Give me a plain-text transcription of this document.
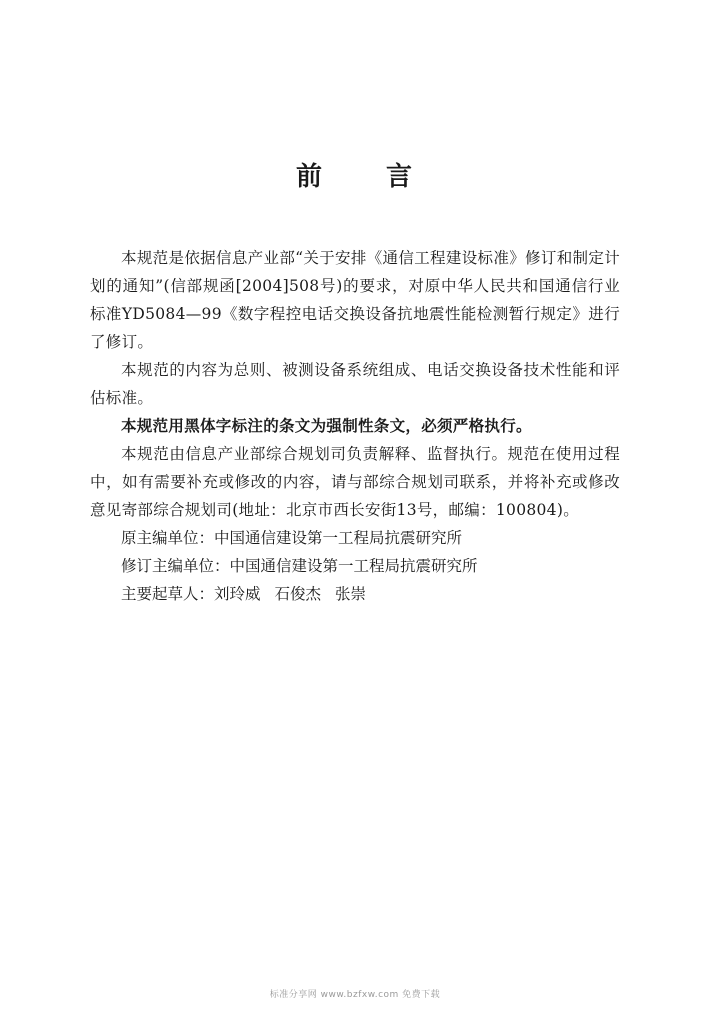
前 言

本规范是依据信息产业部“关于安排《通信工程建设标准》修订和制定计划的通知”(信部规函[2004]508号)的要求，对原中华人民共和国通信行业标准YD5084—99《数字程控电话交换设备抗地震性能检测暂行规定》进行了修订。

本规范的内容为总则、被测设备系统组成、电话交换设备技术性能和评估标准。

本规范用黑体字标注的条文为强制性条文，必须严格执行。

本规范由信息产业部综合规划司负责解释、监督执行。规范在使用过程中，如有需要补充或修改的内容，请与部综合规划司联系，并将补充或修改意见寄部综合规划司(地址：北京市西长安街13号，邮编：100804)。

原主编单位：中国通信建设第一工程局抗震研究所

修订主编单位：中国通信建设第一工程局抗震研究所

主要起草人：刘玲威 石俊杰 张崇

标准分享网 www.bzfxw.com 免费下载
